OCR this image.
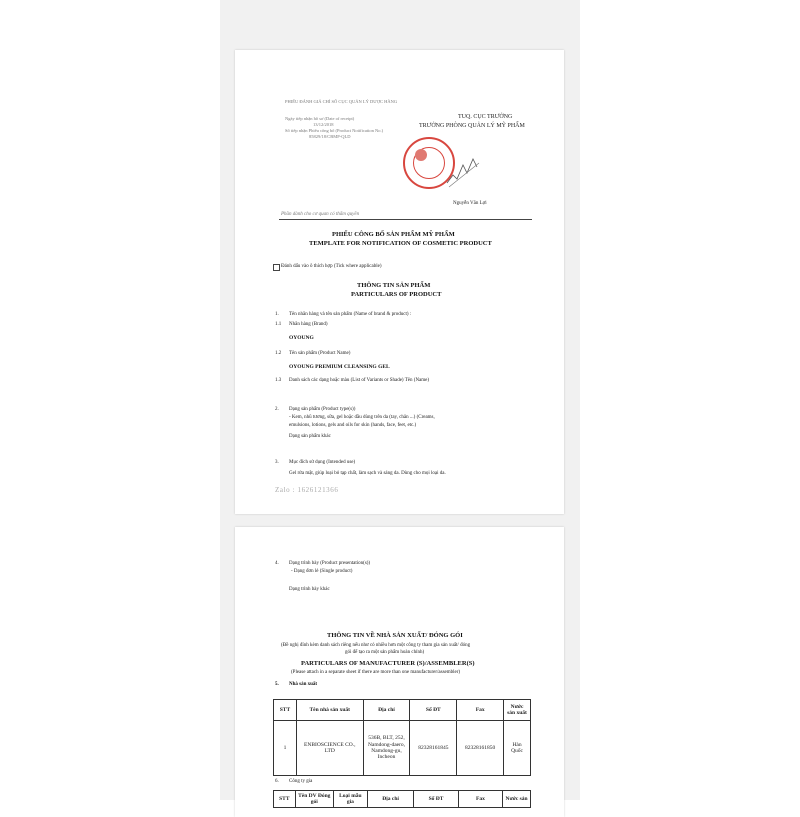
PHIẾU ĐÁNH GIÁ CHỈ SỐ CỤC QUẢN LÝ DƯỢC HÀNG
Ngày tiếp nhận hồ sơ (Date of receipt)
13/12/2018
Số tiếp nhận Phiếu công bố (Product Notification No.)
85829/18/CBMP-QLD
TUQ. CỤC TRƯỞNG
TRƯỞNG PHÒNG QUẢN LÝ MỸ PHẨM
Nguyễn Văn Lợi
Phần dành cho cơ quan có thẩm quyền
PHIẾU CÔNG BỐ SẢN PHẨM MỸ PHẨM
TEMPLATE FOR NOTIFICATION OF COSMETIC PRODUCT
Đánh dấu vào ô thích hợp (Tick where applicable)
THÔNG TIN SẢN PHẨM
PARTICULARS OF PRODUCT
1. Tên nhãn hàng và tên sản phẩm (Name of brand & product) :
1.1 Nhãn hàng (Brand)
OYOUNG
1.2 Tên sản phẩm (Product Name)
OYOUNG PREMIUM CLEANSING GEL
1.3 Danh sách các dạng hoặc màu (List of Variants or Shade) Tên (Name)
2. Dạng sản phẩm (Product type(s))
- Kem, nhũ tương, sữa, gel hoặc dầu dùng trên da (tay, chân ...) (Creams,
emulsions, lotions, gels and oils for skin (hands, face, feet, etc.)
Dạng sản phẩm khác
3. Mục đích sử dụng (Intended use)
Gel rửa mặt, giúp loại bỏ tạp chất, làm sạch và sáng da. Dùng cho mọi loại da.
Zalo : 1626121366
4. Dạng trình bày (Product presentation(s))
- Dạng đơn lẻ (Single product)
Dạng trình bày khác
THÔNG TIN VỀ NHÀ SẢN XUẤT/ ĐÓNG GÓI
(Đề nghị đính kèm danh sách riêng nếu như có nhiều hơn một công ty tham gia sản xuất/ đóng
gói để tạo ra một sản phẩm hoàn chỉnh)
PARTICULARS OF MANUFACTURER (S)/ASSEMBLER(S)
(Please attach in a separate sheet if there are more than one manufacturer/assembler)
5. Nhà sản xuất
STT	Tên nhà sản xuất	Địa chỉ	Số ĐT	Fax	Nước sản xuất
1	ENBIOSCIENCE CO., LTD	536B, BLT, 252, Namdong-daero, Namdong-gu, Incheon	82328161845	82328161850	Hàn Quốc
6. Công ty gia
STT	Tên DV Đóng gói	Loại mẫu gia	Địa chỉ	Số ĐT	Fax	Nước sản
